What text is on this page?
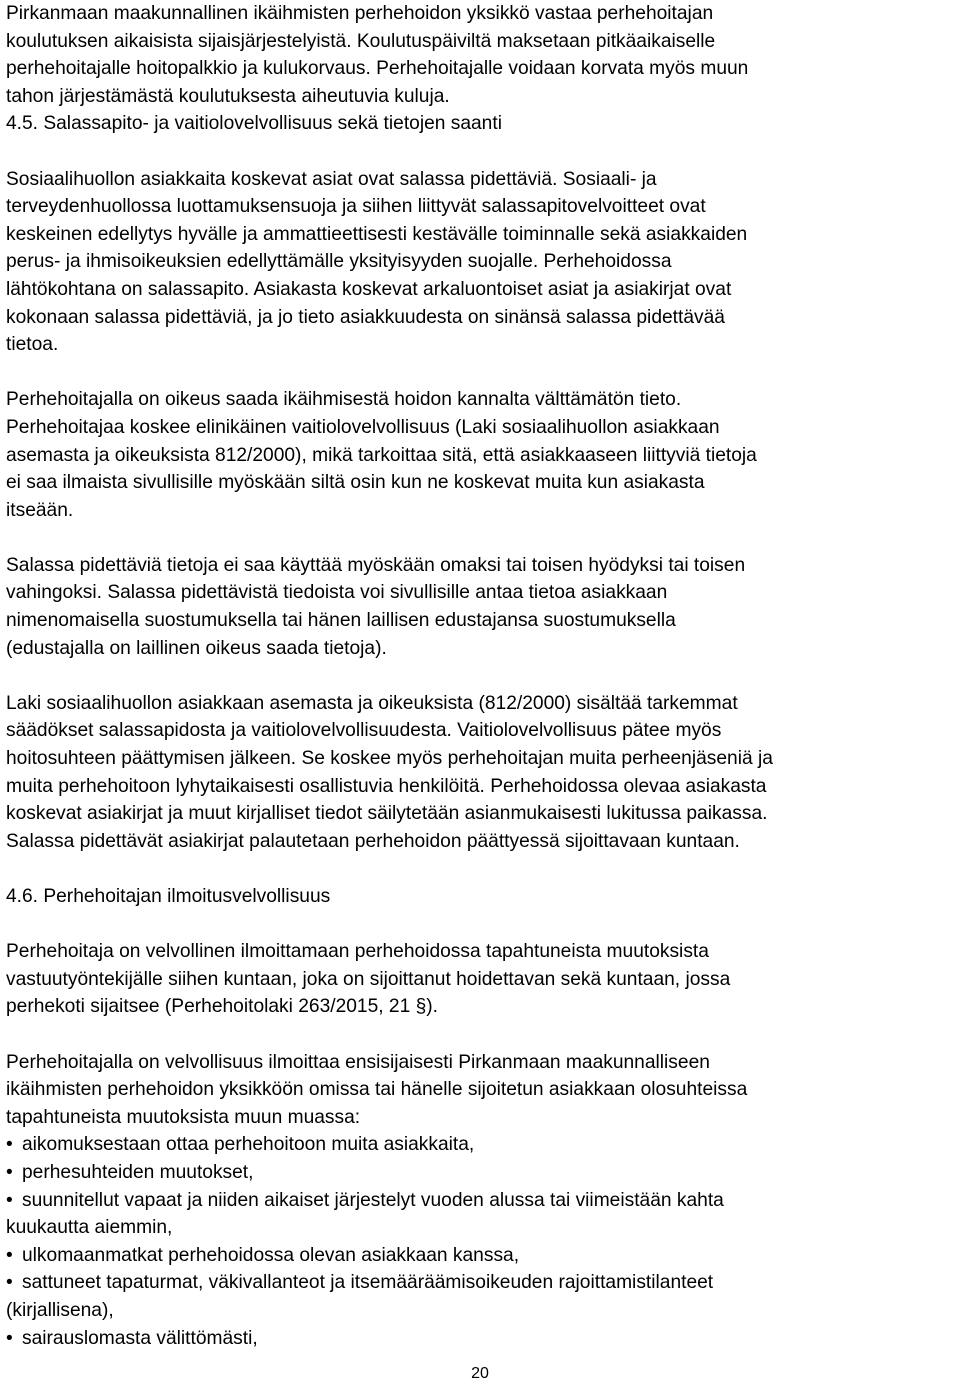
Pirkanmaan maakunnallinen ikäihmisten perhehoidon yksikkö vastaa perhehoitajan
koulutuksen aikaisista sijaisjärjestelyistä. Koulutuspäiviltä maksetaan pitkäaikaiselle
perhehoitajalle hoitopalkkio ja kulukorvaus. Perhehoitajalle voidaan korvata myös muun
tahon järjestämästä koulutuksesta aiheutuvia kuluja.
4.5. Salassapito- ja vaitiolovelvollisuus sekä tietojen saanti
Sosiaalihuollon asiakkaita koskevat asiat ovat salassa pidettäviä. Sosiaali- ja
terveydenhuollossa luottamuksensuoja ja siihen liittyvät salassapitovelvoitteet ovat
keskeinen edellytys hyvälle ja ammattieettisesti kestävälle toiminnalle sekä asiakkaiden
perus- ja ihmisoikeuksien edellyttämälle yksityisyyden suojalle. Perhehoidossa
lähtökohtana on salassapito. Asiakasta koskevat arkaluontoiset asiat ja asiakirjat ovat
kokonaan salassa pidettäviä, ja jo tieto asiakkuudesta on sinänsä salassa pidettävää
tietoa.
Perhehoitajalla on oikeus saada ikäihmisestä hoidon kannalta välttämätön tieto.
Perhehoitajaa koskee elinikäinen vaitiolovelvollisuus (Laki sosiaalihuollon asiakkaan
asemasta ja oikeuksista 812/2000), mikä tarkoittaa sitä, että asiakkaaseen liittyviä tietoja
ei saa ilmaista sivullisille myöskään siltä osin kun ne koskevat muita kun asiakasta
itseään.
Salassa pidettäviä tietoja ei saa käyttää myöskään omaksi tai toisen hyödyksi tai toisen
vahingoksi. Salassa pidettävistä tiedoista voi sivullisille antaa tietoa asiakkaan
nimenomaisella suostumuksella tai hänen laillisen edustajansa suostumuksella
(edustajalla on laillinen oikeus saada tietoja).
Laki sosiaalihuollon asiakkaan asemasta ja oikeuksista (812/2000) sisältää tarkemmat
säädökset salassapidosta ja vaitiolovelvollisuudesta. Vaitiolovelvollisuus pätee myös
hoitosuhteen päättymisen jälkeen. Se koskee myös perhehoitajan muita perheenjäseniä ja
muita perhehoitoon lyhytaikaisesti osallistuvia henkilöitä. Perhehoidossa olevaa asiakasta
koskevat asiakirjat ja muut kirjalliset tiedot säilytetään asianmukaisesti lukitussa paikassa.
Salassa pidettävät asiakirjat palautetaan perhehoidon päättyessä sijoittavaan kuntaan.
4.6. Perhehoitajan ilmoitusvelvollisuus
Perhehoitaja on velvollinen ilmoittamaan perhehoidossa tapahtuneista muutoksista
vastuutyöntekijälle siihen kuntaan, joka on sijoittanut hoidettavan sekä kuntaan, jossa
perhekoti sijaitsee (Perhehoitolaki 263/2015, 21 §).
Perhehoitajalla on velvollisuus ilmoittaa ensisijaisesti Pirkanmaan maakunnalliseen
ikäihmisten perhehoidon yksikköön omissa tai hänelle sijoitetun asiakkaan olosuhteissa
tapahtuneista muutoksista muun muassa:
• aikomuksestaan ottaa perhehoitoon muita asiakkaita,
• perhesuhteiden muutokset,
• suunnitellut vapaat ja niiden aikaiset järjestelyt vuoden alussa tai viimeistään kahta
kuukautta aiemmin,
• ulkomaanmatkat perhehoidossa olevan asiakkaan kanssa,
• sattuneet tapaturmat, väkivallanteot ja itsemääräämisoikeuden rajoittamistilanteet
(kirjallisena),
• sairauslomasta välittömästi,
20
